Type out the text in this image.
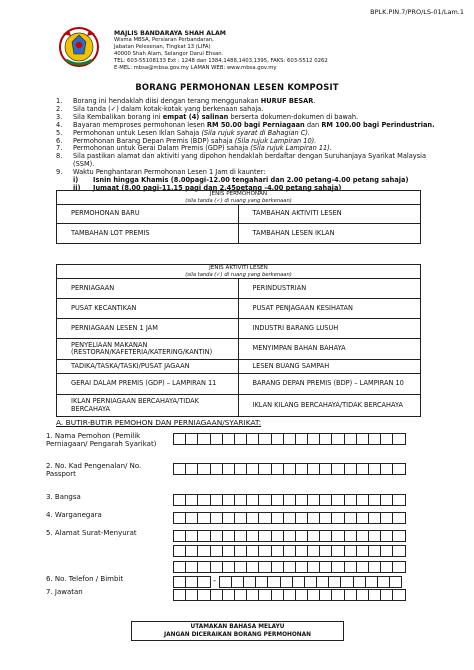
BPLK.PIN.7/PRO/LS-01/Lam.1
MAJLIS BANDARAYA SHAH ALAM
Wisma MBSA, Persiaran Perbandaran,
Jabatan Pelesenan, Tingkat 13 (LIFA)
40000 Shah Alam, Selangor Darul Ehsan.
TEL: 603-55108133 Ext : 1248 dan 1384,1488,1403,1395, FAKS: 603-5512 0262
E-MEL: mbsa@mbsa.gov.my LAMAN WEB: www.mbsa.gov.my
BORANG PERMOHONAN LESEN KOMPOSIT
1.	Borang ini hendaklah diisi dengan terang menggunakan HURUF BESAR.
2.	Sila tanda (✓) dalam kotak-kotak yang berkenaan sahaja.
3.	Sila Kembalikan borang ini empat (4) salinan berserta dokumen-dokumen di bawah.
4.	Bayaran memproses permohonan lesen RM 50.00 bagi Perniagaan dan RM 100.00 bagi Perindustrian.
5.	Permohonan untuk Lesen Iklan Sahaja (Sila rujuk syarat di Bahagian C).
6.	Permohonan Barang Depan Premis (BDP) sahaja (Sila rujuk Lampiran 10).
7.	Permohonan untuk Gerai Dalam Premis (GDP) sahaja (Sila rujuk Lampiran 11).
8.	Sila pastikan alamat dan aktiviti yang dipohon hendaklah berdaftar dengan Suruhanjaya Syarikat Malaysia (SSM).
9.	Waktu Penghantaran Permohonan Lesen 1 Jam di kaunter:
i)	Isnin hingga Khamis (8.00pagi-12.00 tengahari dan 2.00 petang-4.00 petang sahaja)
ii)	Jumaat (8.00 pagi-11.15 pagi dan 2.45petang -4.00 petang sahaja)
JENIS PERMOHONAN
(sila tanda (✓) di ruang yang berkenaan)
PERMOHONAN BARU	TAMBAHAN AKTIVITI LESEN
TAMBAHAN LOT PREMIS	TAMBAHAN LESEN IKLAN
JENIS AKTIVITI LESEN
(sila tanda (✓) di ruang yang berkenaan)
PERNIAGAAN	PERINDUSTRIAN
PUSAT KECANTIKAN	PUSAT PENJAGAAN KESIHATAN
PERNIAGAAN LESEN 1 JAM	INDUSTRI BARANG LUSUH
PENYELIAAN MAKANAN (RESTORAN/KAFETERIA/KATERING/KANTIN)	MENYIMPAN BAHAN BAHAYA
TADIKA/TASKA/TASKI/PUSAT JAGAAN	LESEN BUANG SAMPAH
GERAI DALAM PREMIS (GDP) – LAMPIRAN 11	BARANG DEPAN PREMIS (BDP) – LAMPIRAN 10
IKLAN PERNIAGAAN BERCAHAYA/TIDAK BERCAHAYA	IKLAN KILANG BERCAHAYA/TIDAK BERCAHAYA
A. BUTIR-BUTIR PEMOHON DAN PERNIAGAAN/SYARIKAT:
1. Nama Pemohon (Pemilik Perniagaan/ Pengarah Syarikat)
2. No. Kad Pengenalan/ No. Passport
3. Bangsa
4. Warganegara
5. Alamat Surat-Menyurat
6. No. Telefon / Bimbit	-
7. Jawatan
UTAMAKAN BAHASA MELAYU
JANGAN DICERAIKAN BORANG PERMOHONAN
